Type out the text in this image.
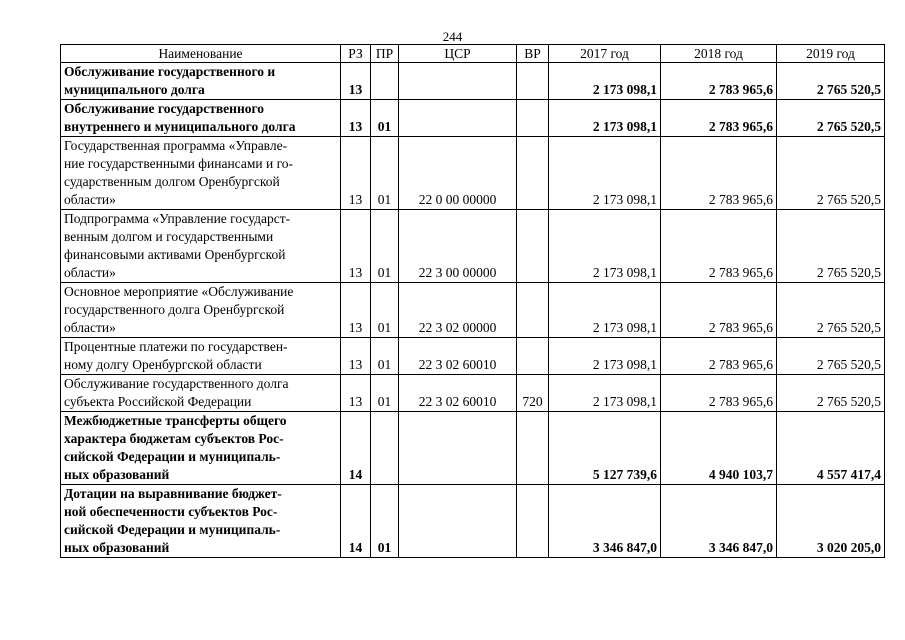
244
Наименование	РЗ	ПР	ЦСР	ВР	2017 год	2018 год	2019 год

Обслуживание государственного и
муниципального долга	13				2 173 098,1	2 783 965,6	2 765 520,5

Обслуживание государственного
внутреннего и муниципального долга	13	01			2 173 098,1	2 783 965,6	2 765 520,5

Государственная программа «Управле-
ние государственными финансами и го-
сударственным долгом Оренбургской
области»	13	01	22 0 00 00000		2 173 098,1	2 783 965,6	2 765 520,5

Подпрограмма «Управление государст-
венным долгом и государственными
финансовыми активами Оренбургской
области»	13	01	22 3 00 00000		2 173 098,1	2 783 965,6	2 765 520,5

Основное мероприятие «Обслуживание
государственного долга Оренбургской
области»	13	01	22 3 02 00000		2 173 098,1	2 783 965,6	2 765 520,5

Процентные платежи по государствен-
ному долгу Оренбургской области	13	01	22 3 02 60010		2 173 098,1	2 783 965,6	2 765 520,5

Обслуживание государственного долга
субъекта Российской Федерации	13	01	22 3 02 60010	720	2 173 098,1	2 783 965,6	2 765 520,5

Межбюджетные трансферты общего
характера бюджетам субъектов Рос-
сийской Федерации и муниципаль-
ных образований	14				5 127 739,6	4 940 103,7	4 557 417,4

Дотации на выравнивание бюджет-
ной обеспеченности субъектов Рос-
сийской Федерации и муниципаль-
ных образований	14	01			3 346 847,0	3 346 847,0	3 020 205,0
